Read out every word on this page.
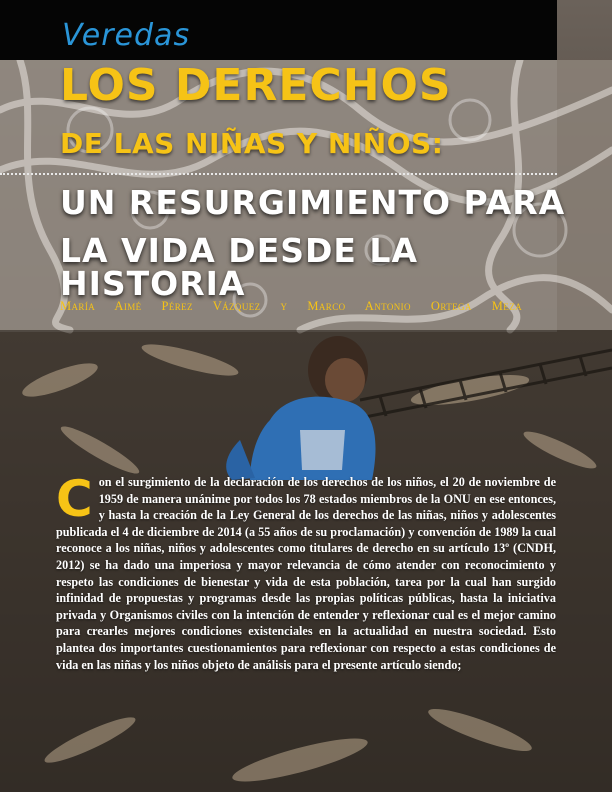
Veredas
LOS DERECHOS
DE LAS NIÑAS Y NIÑOS:
UN RESURGIMIENTO PARA
LA VIDA DESDE LA HISTORIA

María Aimé Pérez Vázquez y Marco Antonio Ortega Meza

C on el surgimiento de la declaración de los derechos de los niños, el 20 de noviembre de 1959 de manera unánime por todos los 78 estados miembros de la ONU en ese entonces, y hasta la creación de la Ley General de los derechos de las niñas, niños y adolescentes publicada el 4 de diciembre de 2014 (a 55 años de su proclamación) y convención de 1989 la cual reconoce a los niñas, niños y adolescentes como titulares de derecho en su artículo 13º (CNDH, 2012) se ha dado una imperiosa y mayor relevancia de cómo atender con reconocimiento y respeto las condiciones de bienestar y vida de esta población, tarea por la cual han surgido infinidad de propuestas y programas desde las propias políticas públicas, hasta la iniciativa privada y Organismos civiles con la intención de entender y reflexionar cual es el mejor camino para crearles mejores condiciones existenciales en la actualidad en nuestra sociedad. Esto plantea dos importantes cuestionamientos para reflexionar con respecto a estas condiciones de vida en las niñas y los niños objeto de análisis para el presente artículo siendo;
